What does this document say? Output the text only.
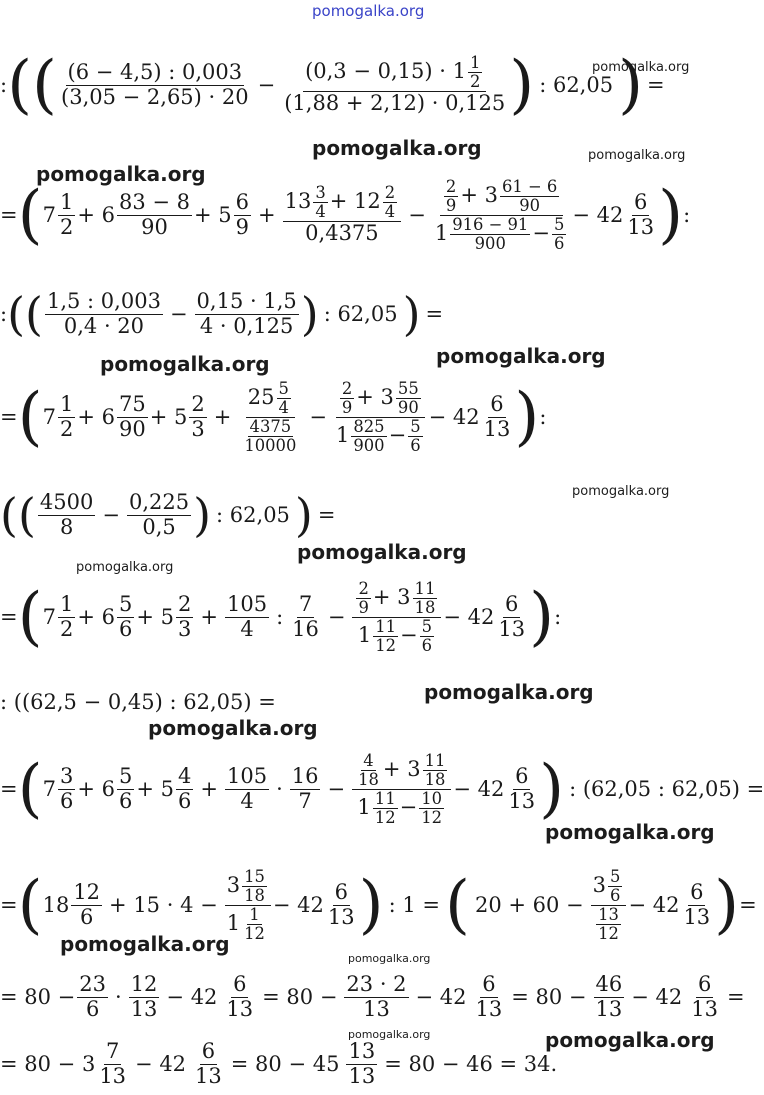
pomogalka.org
pomogalka.org
pomogalka.org	pomogalka.org
pomogalka.org
pomogalka.org	pomogalka.org
pomogalka.org
pomogalka.org
pomogalka.org
pomogalka.org
pomogalka.org
pomogalka.org
pomogalka.org
pomogalka.org
pomogalka.org	pomogalka.org
: ( ( $\frac{(6 - 4,5) : 0,003}{(3,05 - 2,65) \cdot 20} - \frac{(0,3 - 0,15) \cdot 1 \frac{1}{2}}{(1,88 + 2,12) \cdot 0,125}$ ) : 62,05 ) =
= ( $7 \frac{1}{2} + 6 \frac{83 - 8}{90} + 5 \frac{6}{9} + \frac{13 \frac{3}{4} + 12 \frac{2}{4}}{0,4375} - \frac{\frac{2}{9} + 3 \frac{61 - 6}{90}}{1 \frac{916 - 91}{900} - \frac{5}{6}} - 42 \frac{6}{13}$ ) :
: ( ( $\frac{1,5 : 0,003}{0,4 \cdot 20} - \frac{0,15 \cdot 1,5}{4 \cdot 0,125}$ ) : 62,05 ) =
= ( $7 \frac{1}{2} + 6 \frac{75}{90} + 5 \frac{2}{3} + \frac{25 \frac{5}{4}}{\frac{4375}{10000}} - \frac{\frac{2}{9} + 3 \frac{55}{90}}{1 \frac{825}{900} - \frac{5}{6}} - 42 \frac{6}{13}$ ) :
( ( $\frac{4500}{8} - \frac{0,225}{0,5}$ ) : 62,05 ) =
= ( $7 \frac{1}{2} + 6 \frac{5}{6} + 5 \frac{2}{3} + \frac{105}{4}$ : $\frac{7}{16} - \frac{\frac{2}{9} + 3 \frac{11}{18}}{1 \frac{11}{12} - \frac{5}{6}} - 42 \frac{6}{13}$ ) :
: ((62,5 − 0,45) : 62,05) =
= ( $7 \frac{3}{6} + 6 \frac{5}{6} + 5 \frac{4}{6} + \frac{105}{4} \cdot \frac{16}{7} - \frac{\frac{4}{18} + 3 \frac{11}{18}}{1 \frac{11}{12} - \frac{10}{12}} - 42 \frac{6}{13}$ ) : (62,05 : 62,05) =
= ( $18 \frac{12}{6} + 15 \cdot 4 - \frac{3 \frac{15}{18}}{1 \frac{1}{12}} - 42 \frac{6}{13}$ ) : 1 = ( $20 + 60 - \frac{3 \frac{5}{6}}{\frac{13}{12}} - 42 \frac{6}{13}$ ) =
= $80 - \frac{23}{6} \cdot \frac{12}{13} - 42 \frac{6}{13} = 80 - \frac{23 \cdot 2}{13} - 42 \frac{6}{13} = 80 - \frac{46}{13} - 42 \frac{6}{13}$ =
= $80 - 3 \frac{7}{13} - 42 \frac{6}{13} = 80 - 45 \frac{13}{13} = 80 - 46 = 34$.
